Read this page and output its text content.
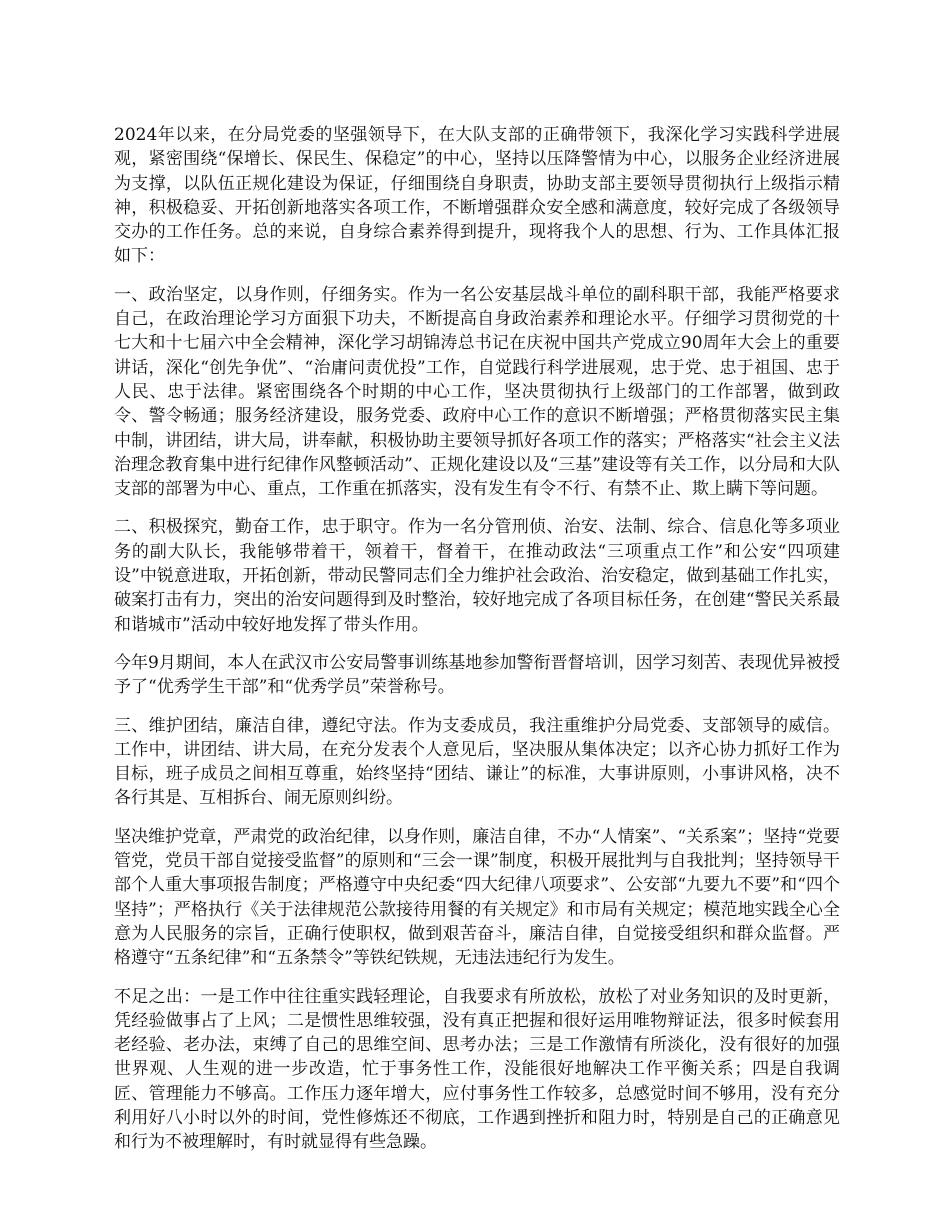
2024年以来，在分局党委的坚强领导下，在大队支部的正确带领下，我深化学习实践科学进展观，紧密围绕“保增长、保民生、保稳定”的中心，坚持以压降警情为中心，以服务企业经济进展为支撑，以队伍正规化建设为保证，仔细围绕自身职责，协助支部主要领导贯彻执行上级指示精神，积极稳妥、开拓创新地落实各项工作，不断增强群众安全感和满意度，较好完成了各级领导交办的工作任务。总的来说，自身综合素养得到提升，现将我个人的思想、行为、工作具体汇报如下：

一、政治坚定，以身作则，仔细务实。作为一名公安基层战斗单位的副科职干部，我能严格要求自己，在政治理论学习方面狠下功夫，不断提高自身政治素养和理论水平。仔细学习贯彻党的十七大和十七届六中全会精神，深化学习胡锦涛总书记在庆祝中国共产党成立90周年大会上的重要讲话，深化“创先争优”、“治庸问责优投”工作，自觉践行科学进展观，忠于党、忠于祖国、忠于人民、忠于法律。紧密围绕各个时期的中心工作，坚决贯彻执行上级部门的工作部署，做到政令、警令畅通；服务经济建设，服务党委、政府中心工作的意识不断增强；严格贯彻落实民主集中制，讲团结，讲大局，讲奉献，积极协助主要领导抓好各项工作的落实；严格落实“社会主义法治理念教育集中进行纪律作风整顿活动”、正规化建设以及“三基”建设等有关工作，以分局和大队支部的部署为中心、重点，工作重在抓落实，没有发生有令不行、有禁不止、欺上瞒下等问题。

二、积极探究，勤奋工作，忠于职守。作为一名分管刑侦、治安、法制、综合、信息化等多项业务的副大队长，我能够带着干，领着干，督着干，在推动政法“三项重点工作”和公安“四项建设”中锐意进取，开拓创新，带动民警同志们全力维护社会政治、治安稳定，做到基础工作扎实，破案打击有力，突出的治安问题得到及时整治，较好地完成了各项目标任务，在创建“警民关系最和谐城市”活动中较好地发挥了带头作用。

今年9月期间，本人在武汉市公安局警事训练基地参加警衔晋督培训，因学习刻苦、表现优异被授予了“优秀学生干部”和“优秀学员”荣誉称号。

三、维护团结，廉洁自律，遵纪守法。作为支委成员，我注重维护分局党委、支部领导的威信。工作中，讲团结、讲大局，在充分发表个人意见后，坚决服从集体决定；以齐心协力抓好工作为目标，班子成员之间相互尊重，始终坚持“团结、谦让”的标准，大事讲原则，小事讲风格，决不各行其是、互相拆台、闹无原则纠纷。

坚决维护党章，严肃党的政治纪律，以身作则，廉洁自律，不办“人情案”、“关系案”；坚持“党要管党，党员干部自觉接受监督”的原则和“三会一课”制度，积极开展批判与自我批判；坚持领导干部个人重大事项报告制度；严格遵守中央纪委“四大纪律八项要求”、公安部“九要九不要”和“四个坚持”；严格执行《关于法律规范公款接待用餐的有关规定》和市局有关规定；模范地实践全心全意为人民服务的宗旨，正确行使职权，做到艰苦奋斗，廉洁自律，自觉接受组织和群众监督。严格遵守“五条纪律”和“五条禁令”等铁纪铁规，无违法违纪行为发生。

不足之出：一是工作中往往重实践轻理论，自我要求有所放松，放松了对业务知识的及时更新，凭经验做事占了上风；二是惯性思维较强，没有真正把握和很好运用唯物辩证法，很多时候套用老经验、老办法，束缚了自己的思维空间、思考办法；三是工作激情有所淡化，没有很好的加强世界观、人生观的进一步改造，忙于事务性工作，没能很好地解决工作平衡关系；四是自我调匠、管理能力不够高。工作压力逐年增大，应付事务性工作较多，总感觉时间不够用，没有充分利用好八小时以外的时间，党性修炼还不彻底，工作遇到挫折和阻力时，特别是自己的正确意见和行为不被理解时，有时就显得有些急躁。
